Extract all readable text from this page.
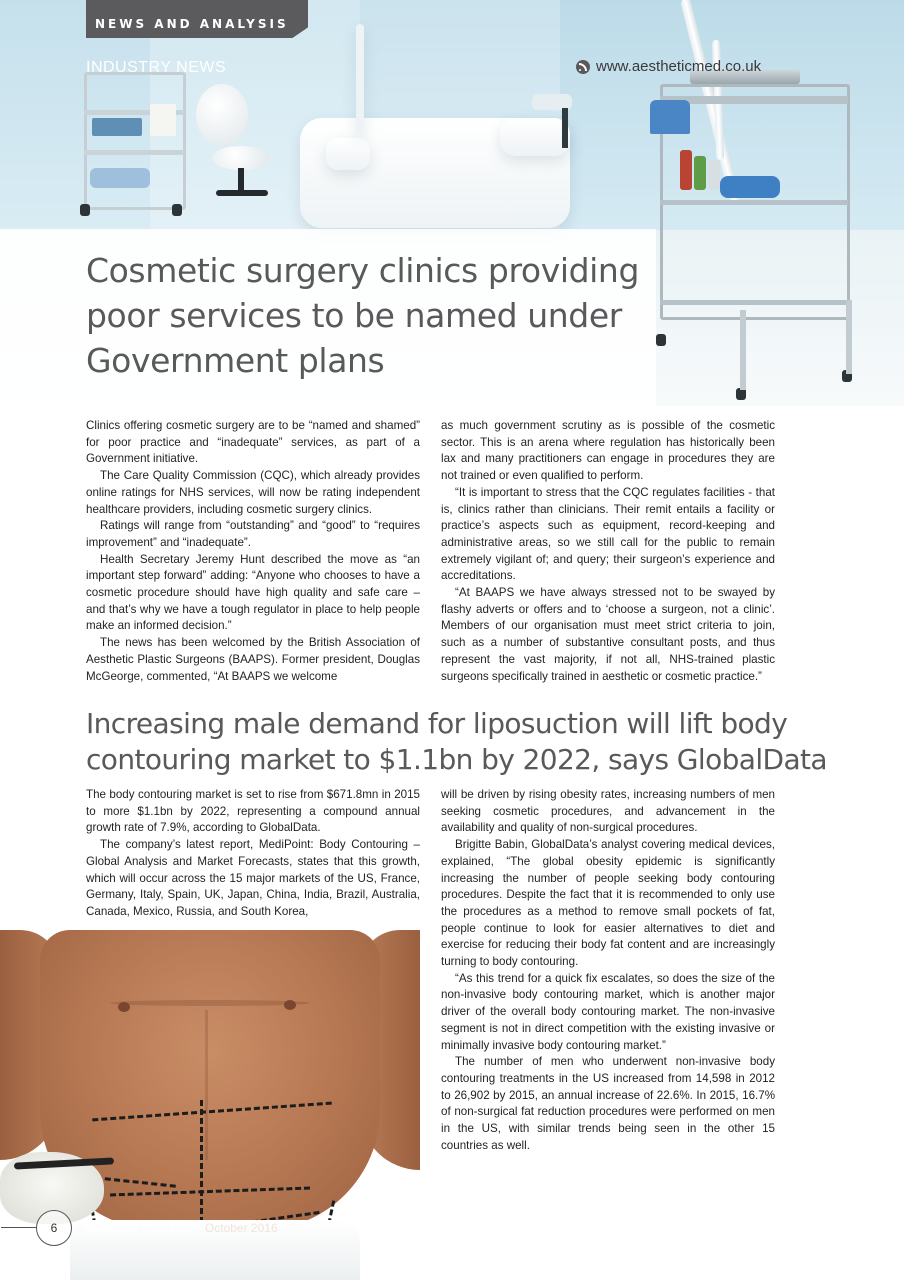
NEWS AND ANALYSIS
INDUSTRY NEWS	www.aestheticmed.co.uk
Cosmetic surgery clinics providing poor services to be named under Government plans

Clinics offering cosmetic surgery are to be “named and shamed” for poor practice and “inadequate” services, as part of a Government initiative.

The Care Quality Commission (CQC), which already provides online ratings for NHS services, will now be rating independent healthcare providers, including cosmetic surgery clinics.

Ratings will range from “outstanding” and “good” to “requires improvement” and “inadequate”.

Health Secretary Jeremy Hunt described the move as “an important step forward” adding: “Anyone who chooses to have a cosmetic procedure should have high quality and safe care – and that’s why we have a tough regulator in place to help people make an informed decision.”

The news has been welcomed by the British Association of Aesthetic Plastic Surgeons (BAAPS). Former president, Douglas McGeorge, commented, “At BAAPS we welcome

as much government scrutiny as is possible of the cosmetic sector. This is an arena where regulation has historically been lax and many practitioners can engage in procedures they are not trained or even qualified to perform.

“It is important to stress that the CQC regulates facilities - that is, clinics rather than clinicians. Their remit entails a facility or practice’s aspects such as equipment, record-keeping and administrative areas, so we still call for the public to remain extremely vigilant of; and query; their surgeon’s experience and accreditations.

“At BAAPS we have always stressed not to be swayed by flashy adverts or offers and to ‘choose a surgeon, not a clinic’. Members of our organisation must meet strict criteria to join, such as a number of substantive consultant posts, and thus represent the vast majority, if not all, NHS-trained plastic surgeons specifically trained in aesthetic or cosmetic practice.”

Increasing male demand for liposuction will lift body
contouring market to $1.1bn by 2022, says GlobalData

The body contouring market is set to rise from $671.8mn in 2015 to more $1.1bn by 2022, representing a compound annual growth rate of 7.9%, according to GlobalData.

The company’s latest report, MediPoint: Body Contouring – Global Analysis and Market Forecasts, states that this growth, which will occur across the 15 major markets of the US, France, Germany, Italy, Spain, UK, Japan, China, India, Brazil, Australia, Canada, Mexico, Russia, and South Korea,

will be driven by rising obesity rates, increasing numbers of men seeking cosmetic procedures, and advancement in the availability and quality of non-surgical procedures.

Brigitte Babin, GlobalData’s analyst covering medical devices, explained, “The global obesity epidemic is significantly increasing the number of people seeking body contouring procedures. Despite the fact that it is recommended to only use the procedures as a method to remove small pockets of fat, people continue to look for easier alternatives to diet and exercise for reducing their body fat content and are increasingly turning to body contouring.

“As this trend for a quick fix escalates, so does the size of the non-invasive body contouring market, which is another major driver of the overall body contouring market. The non-invasive segment is not in direct competition with the existing invasive or minimally invasive body contouring market.”

The number of men who underwent non-invasive body contouring treatments in the US increased from 14,598 in 2012 to 26,902 by 2015, an annual increase of 22.6%. In 2015, 16.7% of non-surgical fat reduction procedures were performed on men in the US, with similar trends being seen in the other 15 countries as well.

6	Aesthetic Medicine • October 2016
